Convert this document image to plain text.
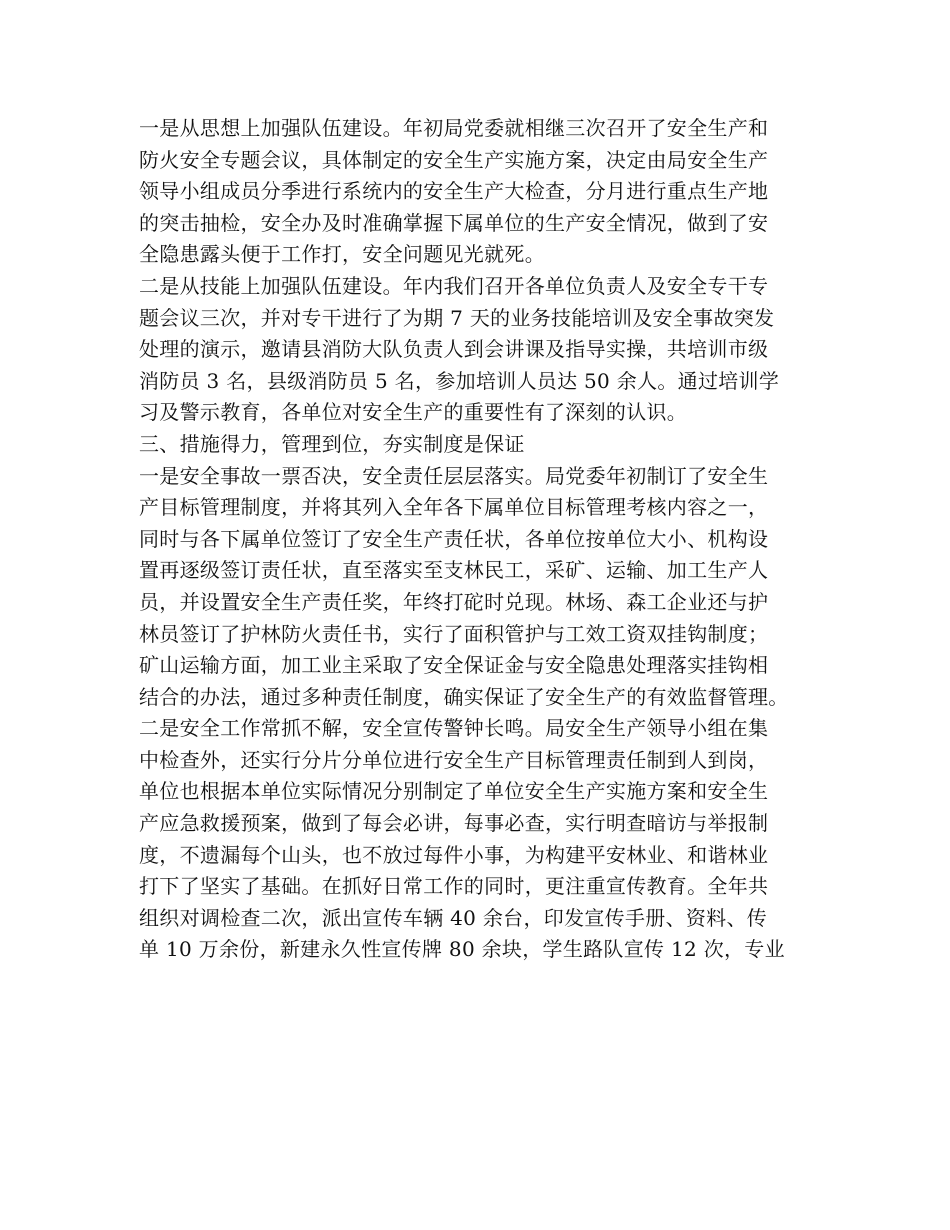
一是从思想上加强队伍建设。年初局党委就相继三次召开了安全生产和
防火安全专题会议，具体制定的安全生产实施方案，决定由局安全生产
领导小组成员分季进行系统内的安全生产大检查，分月进行重点生产地
的突击抽检，安全办及时准确掌握下属单位的生产安全情况，做到了安
全隐患露头便于工作打，安全问题见光就死。
二是从技能上加强队伍建设。年内我们召开各单位负责人及安全专干专
题会议三次，并对专干进行了为期 7 天的业务技能培训及安全事故突发
处理的演示，邀请县消防大队负责人到会讲课及指导实操，共培训市级
消防员 3 名，县级消防员 5 名，参加培训人员达 50 余人。通过培训学
习及警示教育，各单位对安全生产的重要性有了深刻的认识。
三、措施得力，管理到位，夯实制度是保证
一是安全事故一票否决，安全责任层层落实。局党委年初制订了安全生
产目标管理制度，并将其列入全年各下属单位目标管理考核内容之一，
同时与各下属单位签订了安全生产责任状，各单位按单位大小、机构设
置再逐级签订责任状，直至落实至支林民工，采矿、运输、加工生产人
员，并设置安全生产责任奖，年终打砣时兑现。林场、森工企业还与护
林员签订了护林防火责任书，实行了面积管护与工效工资双挂钩制度；
矿山运输方面，加工业主采取了安全保证金与安全隐患处理落实挂钩相
结合的办法，通过多种责任制度，确实保证了安全生产的有效监督管理。
二是安全工作常抓不解，安全宣传警钟长鸣。局安全生产领导小组在集
中检查外，还实行分片分单位进行安全生产目标管理责任制到人到岗，
单位也根据本单位实际情况分别制定了单位安全生产实施方案和安全生
产应急救援预案，做到了每会必讲，每事必查，实行明查暗访与举报制
度，不遗漏每个山头，也不放过每件小事，为构建平安林业、和谐林业
打下了坚实了基础。在抓好日常工作的同时，更注重宣传教育。全年共
组织对调检查二次，派出宣传车辆 40 余台，印发宣传手册、资料、传
单 10 万余份，新建永久性宣传牌 80 余块，学生路队宣传 12 次，专业
